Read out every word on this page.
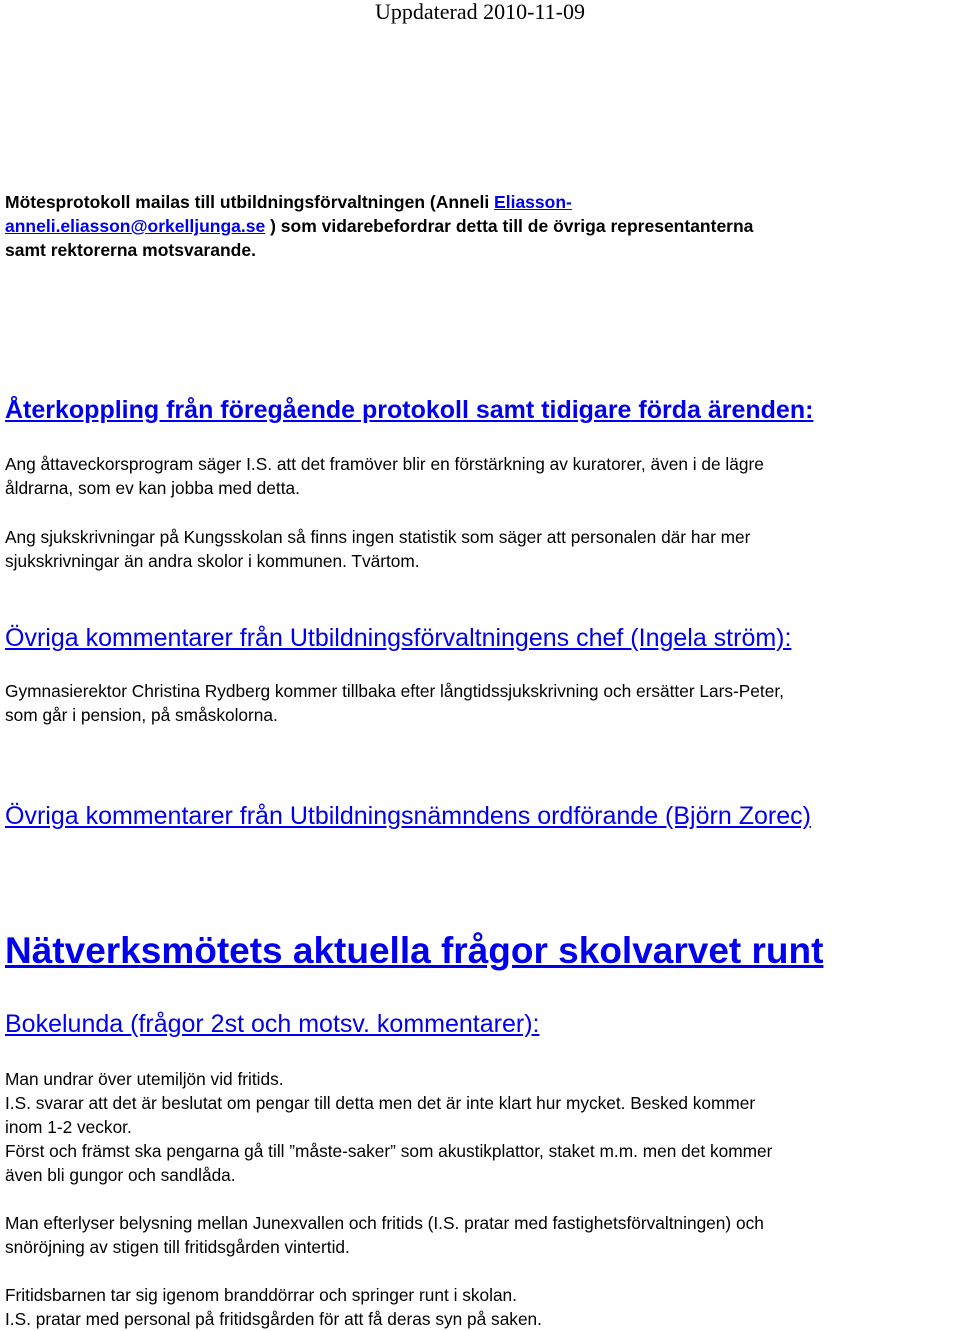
Uppdaterad 2010-11-09
Mötesprotokoll mailas till utbildningsförvaltningen (Anneli Eliasson-
anneli.eliasson@orkelljunga.se ) som vidarebefordrar detta till de övriga representanterna
samt rektorerna motsvarande.
Återkoppling från föregående protokoll samt tidigare förda ärenden:
Ang åttaveckorsprogram säger I.S. att det framöver blir en förstärkning av kuratorer, även i de lägre
åldrarna, som ev kan jobba med detta.
Ang sjukskrivningar på Kungsskolan så finns ingen statistik som säger att personalen där har mer
sjukskrivningar än andra skolor i kommunen. Tvärtom.
Övriga kommentarer från Utbildningsförvaltningens chef (Ingela ström):
Gymnasierektor Christina Rydberg kommer tillbaka efter långtidssjukskrivning och ersätter Lars-Peter,
som går i pension, på småskolorna.
Övriga kommentarer från Utbildningsnämndens ordförande (Björn Zorec)
Nätverksmötets aktuella frågor skolvarvet runt
Bokelunda (frågor 2st och motsv. kommentarer):
Man undrar över utemiljön vid fritids.
I.S. svarar att det är beslutat om pengar till detta men det är inte klart hur mycket. Besked kommer
inom 1-2 veckor.
Först och främst ska pengarna gå till ”måste-saker” som akustikplattor, staket m.m. men det kommer
även bli gungor och sandlåda.
Man efterlyser belysning mellan Junexvallen och fritids (I.S. pratar med fastighetsförvaltningen) och
snöröjning av stigen till fritidsgården vintertid.
Fritidsbarnen tar sig igenom branddörrar och springer runt i skolan.
I.S. pratar med personal på fritidsgården för att få deras syn på saken.
